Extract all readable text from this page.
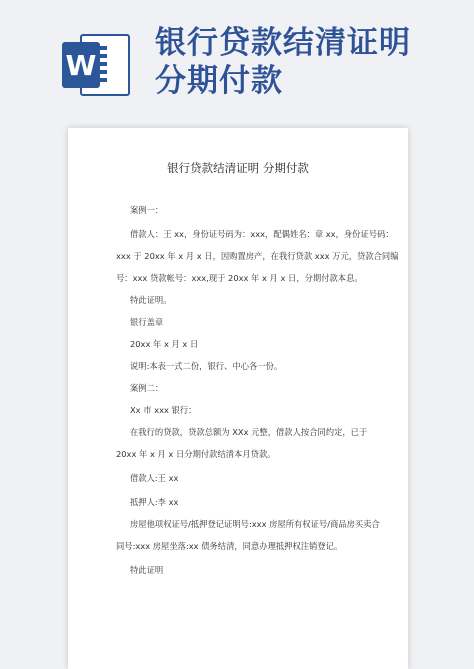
W
银行贷款结清证明
分期付款
银行贷款结清证明 分期付款
案例一：
借款人：王 xx，身份证号码为：xxx，配偶姓名：章 xx，身份证号码：
xxx 于 20xx 年 x 月 x 日，因购置房产，在我行贷款 xxx 万元，贷款合同编
号：xxx 贷款帐号：xxx,现于 20xx 年 x 月 x 日，分期付款本息。
特此证明。
银行盖章
20xx 年 x 月 x 日
说明:本表一式二份，银行、中心各一份。
案例二：
Xx 市 xxx 银行：
在我行的贷款，贷款总额为 XXx 元整，借款人按合同约定，已于
20xx 年 x 月 x 日分期付款结清本月贷款。
借款人:王 xx
抵押人:李 xx
房屋他项权证号/抵押登记证明号:xxx 房屋所有权证号/商品房买卖合
同号:xxx 房屋坐落:xx 债务结清，同意办理抵押权注销登记。
特此证明
